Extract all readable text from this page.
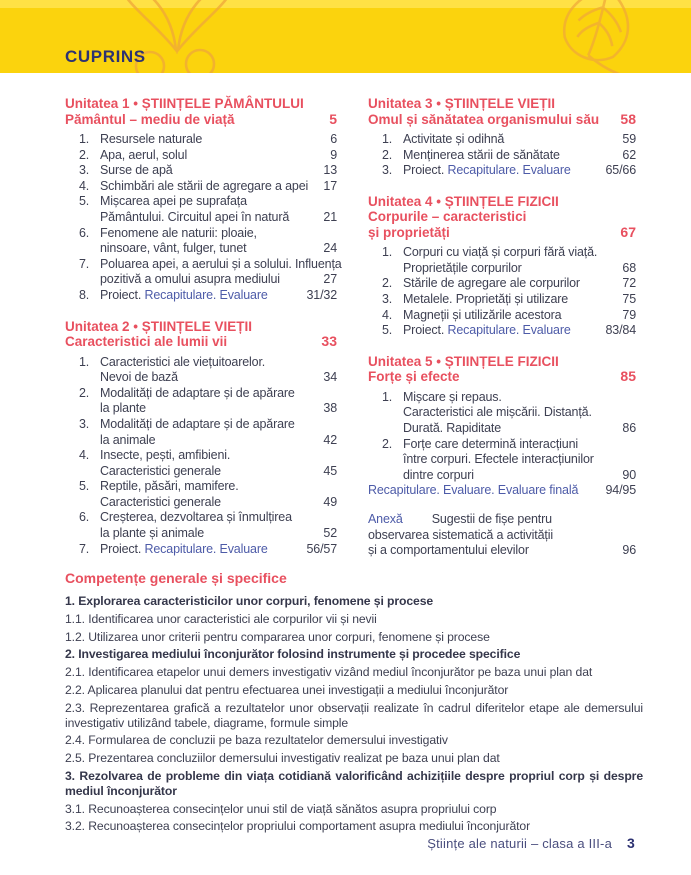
CUPRINS
Unitatea 1 • ȘTIINȚELE PĂMÂNTULUI
Pământul – mediu de viață	5
1. Resursele naturale	6
2. Apa, aerul, solul	9
3. Surse de apă	13
4. Schimbări ale stării de agregare a apei	17
5. Mișcarea apei pe suprafața
Pământului. Circuitul apei în natură	21
6. Fenomene ale naturii: ploaie,
ninsoare, vânt, fulger, tunet	24
7. Poluarea apei, a aerului și a solului. Influența
pozitivă a omului asupra mediului	27
8. Proiect. Recapitulare. Evaluare	31/32
Unitatea 2 • ȘTIINȚELE VIEȚII
Caracteristici ale lumii vii	33
1. Caracteristici ale viețuitoarelor.
Nevoi de bază	34
2. Modalități de adaptare și de apărare
la plante	38
3. Modalități de adaptare și de apărare
la animale	42
4. Insecte, pești, amfibieni.
Caracteristici generale	45
5. Reptile, păsări, mamifere.
Caracteristici generale	49
6. Creșterea, dezvoltarea și înmulțirea
la plante și animale	52
7. Proiect. Recapitulare. Evaluare	56/57
Unitatea 3 • ȘTIINȚELE VIEȚII
Omul și sănătatea organismului său	58
1. Activitate și odihnă	59
2. Menținerea stării de sănătate	62
3. Proiect. Recapitulare. Evaluare	65/66
Unitatea 4 • ȘTIINȚELE FIZICII
Corpurile – caracteristici
și proprietăți	67
1. Corpuri cu viață și corpuri fără viață.
Proprietățile corpurilor	68
2. Stările de agregare ale corpurilor	72
3. Metalele. Proprietăți și utilizare	75
4. Magneții și utilizările acestora	79
5. Proiect. Recapitulare. Evaluare	83/84
Unitatea 5 • ȘTIINȚELE FIZICII
Forțe și efecte	85
1. Mișcare și repaus.
Caracteristici ale mișcării. Distanță.
Durată. Rapiditate	86
2. Forțe care determină interacțiuni
între corpuri. Efectele interacțiunilor
dintre corpuri	90
Recapitulare. Evaluare. Evaluare finală	94/95
Anexă Sugestii de fișe pentru
observarea sistematică a activității
și a comportamentului elevilor	96
Competențe generale și specifice
1. Explorarea caracteristicilor unor corpuri, fenomene și procese
1.1. Identificarea unor caracteristici ale corpurilor vii și nevii
1.2. Utilizarea unor criterii pentru compararea unor corpuri, fenomene și procese
2. Investigarea mediului înconjurător folosind instrumente și procedee specifice
2.1. Identificarea etapelor unui demers investigativ vizând mediul înconjurător pe baza unui plan dat
2.2. Aplicarea planului dat pentru efectuarea unei investigații a mediului înconjurător
2.3. Reprezentarea grafică a rezultatelor unor observații realizate în cadrul diferitelor etape ale demersului investigativ utilizând tabele, diagrame, formule simple
2.4. Formularea de concluzii pe baza rezultatelor demersului investigativ
2.5. Prezentarea concluziilor demersului investigativ realizat pe baza unui plan dat
3. Rezolvarea de probleme din viața cotidiană valorificând achizițiile despre propriul corp și despre mediul înconjurător
3.1. Recunoașterea consecințelor unui stil de viață sănătos asupra propriului corp
3.2. Recunoașterea consecințelor propriului comportament asupra mediului înconjurător
Științe ale naturii – clasa a III-a 3
